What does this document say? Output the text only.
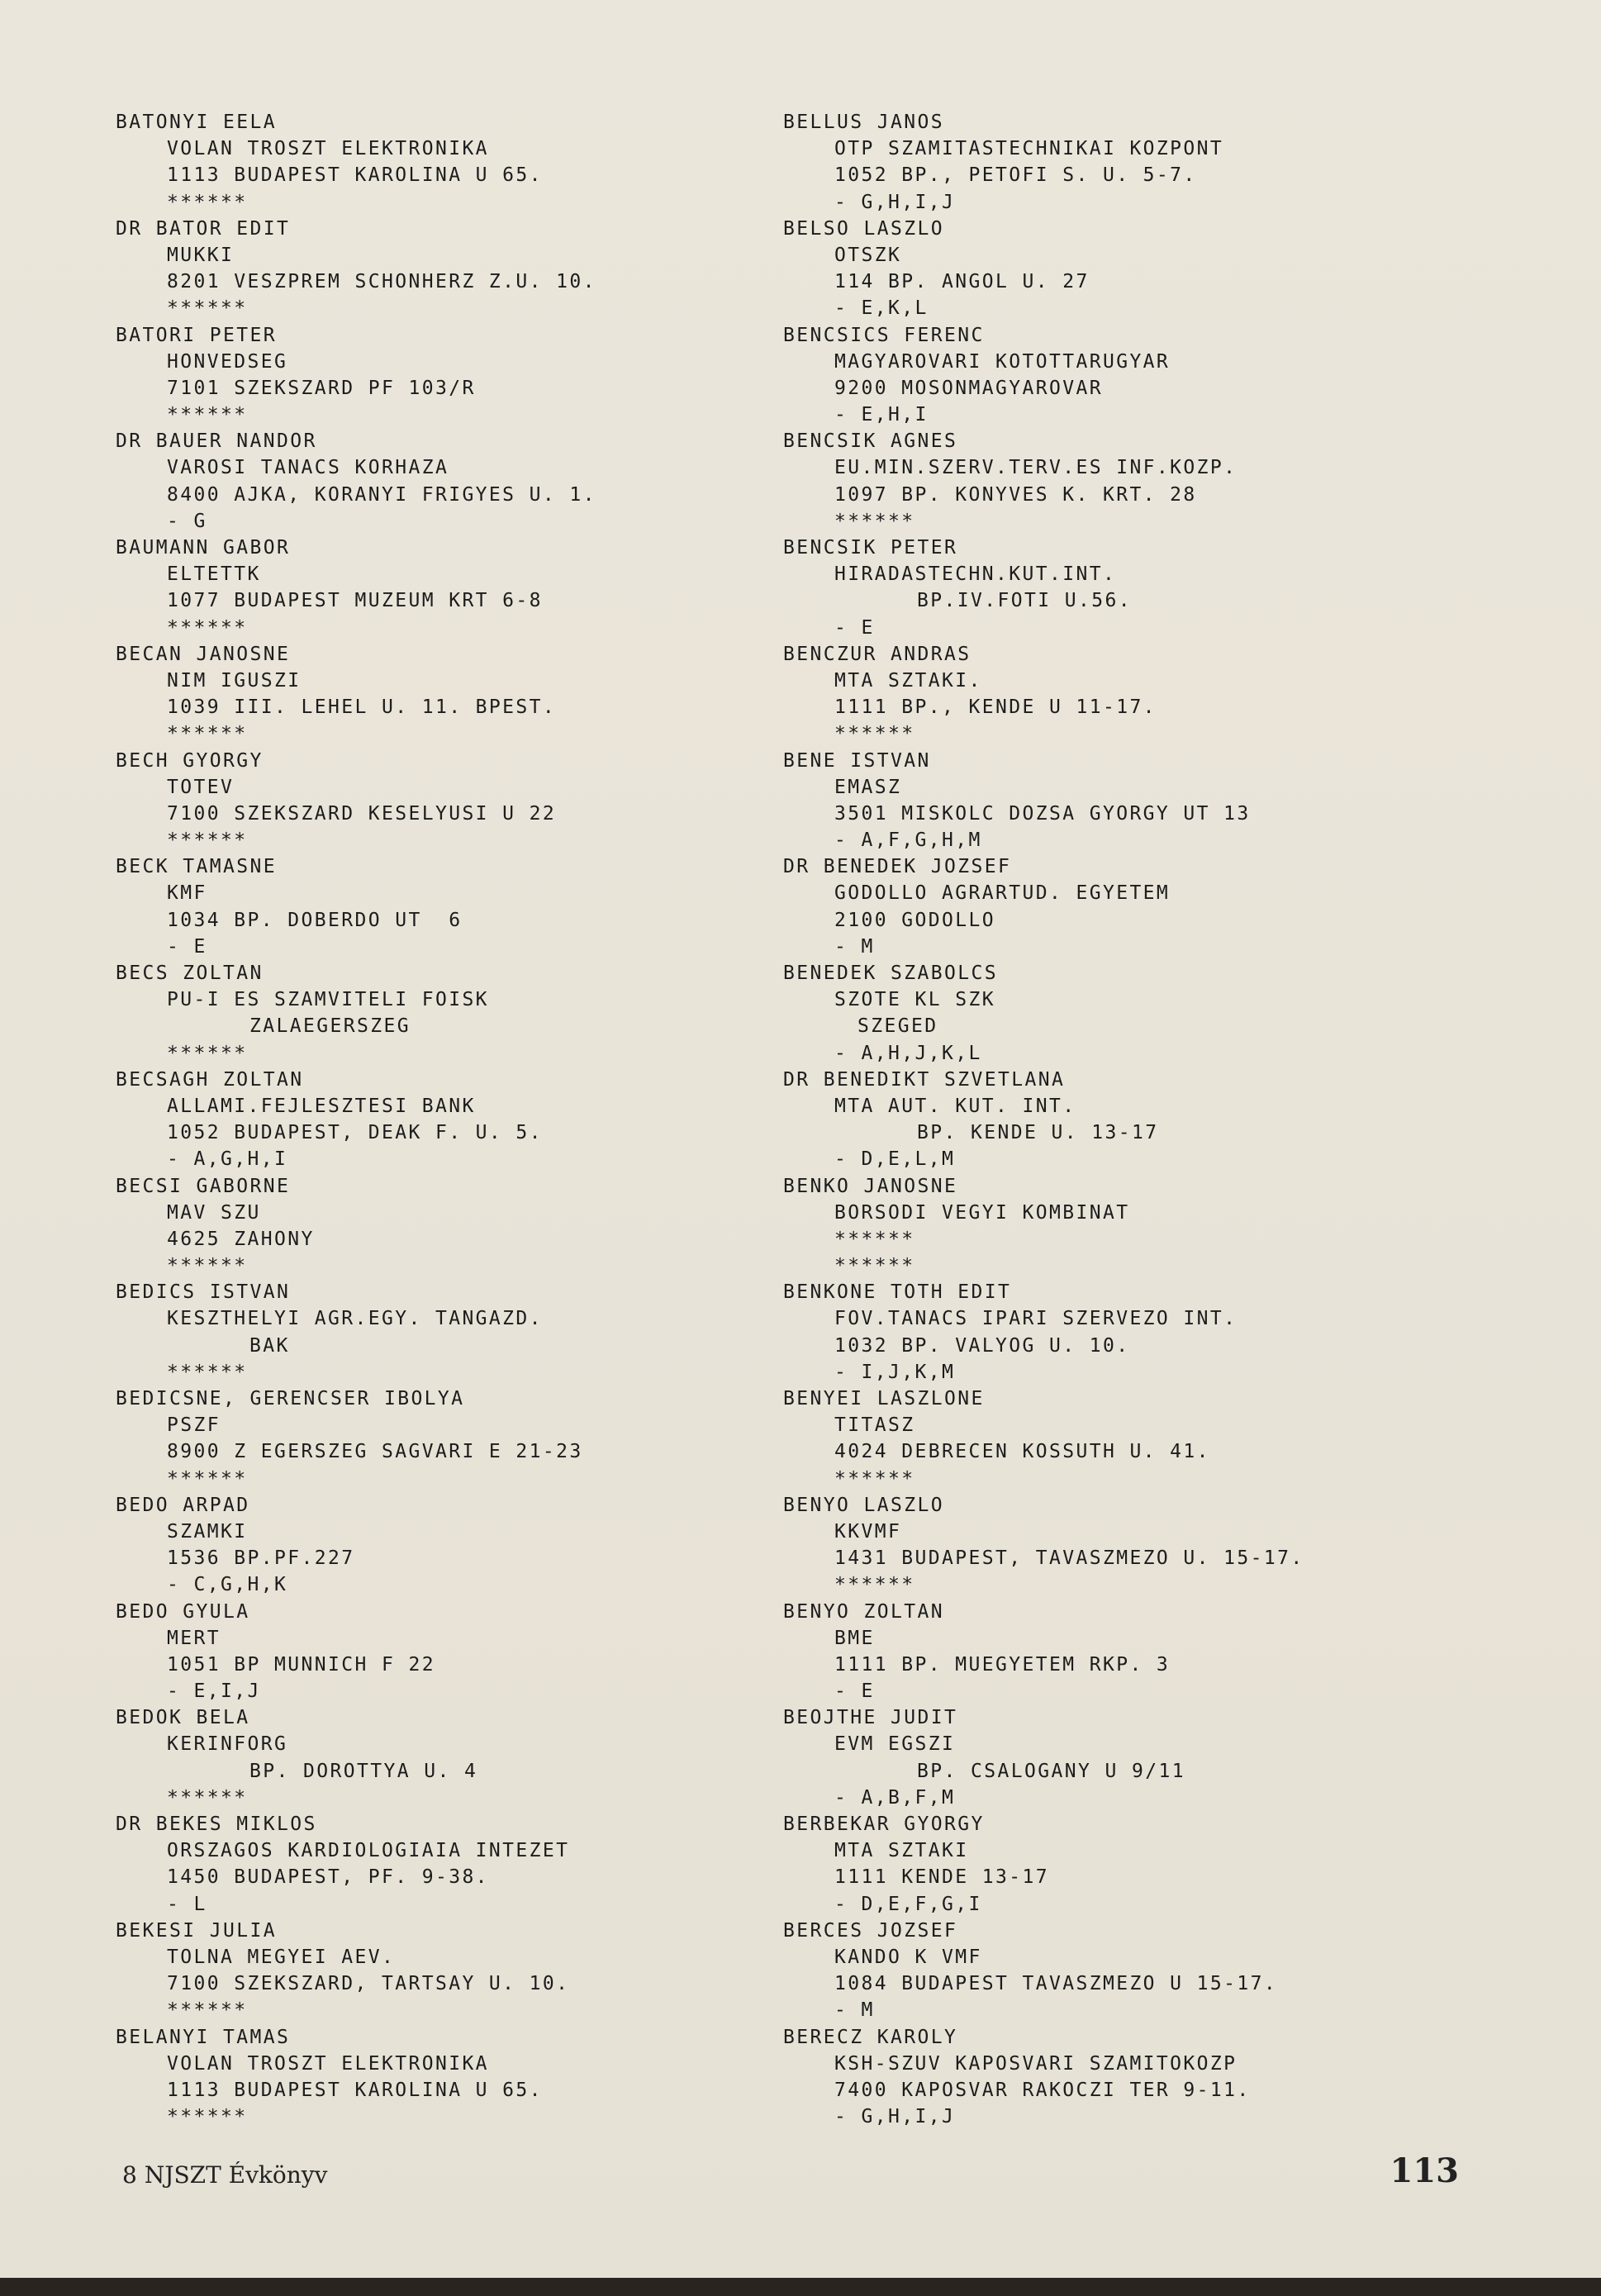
BATONYI EELA
VOLAN TROSZT ELEKTRONIKA
1113 BUDAPEST KAROLINA U 65.
******
DR BATOR EDIT
MUKKI
8201 VESZPREM SCHONHERZ Z.U. 10.
******
BATORI PETER
HONVEDSEG
7101 SZEKSZARD PF 103/R
******
DR BAUER NANDOR
VAROSI TANACS KORHAZA
8400 AJKA, KORANYI FRIGYES U. 1.
- G
BAUMANN GABOR
ELTETTK
1077 BUDAPEST MUZEUM KRT 6-8
******
BECAN JANOSNE
NIM IGUSZI
1039 III. LEHEL U. 11. BPEST.
******
BECH GYORGY
TOTEV
7100 SZEKSZARD KESELYUSI U 22
******
BECK TAMASNE
KMF
1034 BP. DOBERDO UT  6
- E
BECS ZOLTAN
PU-I ES SZAMVITELI FOISK
ZALAEGERSZEG
******
BECSAGH ZOLTAN
ALLAMI.FEJLESZTESI BANK
1052 BUDAPEST, DEAK F. U. 5.
- A,G,H,I
BECSI GABORNE
MAV SZU
4625 ZAHONY
******
BEDICS ISTVAN
KESZTHELYI AGR.EGY. TANGAZD.
BAK
******
BEDICSNE, GERENCSER IBOLYA
PSZF
8900 Z EGERSZEG SAGVARI E 21-23
******
BEDO ARPAD
SZAMKI
1536 BP.PF.227
- C,G,H,K
BEDO GYULA
MERT
1051 BP MUNNICH F 22
- E,I,J
BEDOK BELA
KERINFORG
BP. DOROTTYA U. 4
******
DR BEKES MIKLOS
ORSZAGOS KARDIOLOGIAIA INTEZET
1450 BUDAPEST, PF. 9-38.
- L
BEKESI JULIA
TOLNA MEGYEI AEV.
7100 SZEKSZARD, TARTSAY U. 10.
******
BELANYI TAMAS
VOLAN TROSZT ELEKTRONIKA
1113 BUDAPEST KAROLINA U 65.
******
BELLUS JANOS
OTP SZAMITASTECHNIKAI KOZPONT
1052 BP., PETOFI S. U. 5-7.
- G,H,I,J
BELSO LASZLO
OTSZK
114 BP. ANGOL U. 27
- E,K,L
BENCSICS FERENC
MAGYAROVARI KOTOTTARUGYAR
9200 MOSONMAGYAROVAR
- E,H,I
BENCSIK AGNES
EU.MIN.SZERV.TERV.ES INF.KOZP.
1097 BP. KONYVES K. KRT. 28
******
BENCSIK PETER
HIRADASTECHN.KUT.INT.
BP.IV.FOTI U.56.
- E
BENCZUR ANDRAS
MTA SZTAKI.
1111 BP., KENDE U 11-17.
******
BENE ISTVAN
EMASZ
3501 MISKOLC DOZSA GYORGY UT 13
- A,F,G,H,M
DR BENEDEK JOZSEF
GODOLLO AGRARTUD. EGYETEM
2100 GODOLLO
- M
BENEDEK SZABOLCS
SZOTE KL SZK
SZEGED
- A,H,J,K,L
DR BENEDIKT SZVETLANA
MTA AUT. KUT. INT.
BP. KENDE U. 13-17
- D,E,L,M
BENKO JANOSNE
BORSODI VEGYI KOMBINAT
******
******
BENKONE TOTH EDIT
FOV.TANACS IPARI SZERVEZO INT.
1032 BP. VALYOG U. 10.
- I,J,K,M
BENYEI LASZLONE
TITASZ
4024 DEBRECEN KOSSUTH U. 41.
******
BENYO LASZLO
KKVMF
1431 BUDAPEST, TAVASZMEZO U. 15-17.
******
BENYO ZOLTAN
BME
1111 BP. MUEGYETEM RKP. 3
- E
BEOJTHE JUDIT
EVM EGSZI
BP. CSALOGANY U 9/11
- A,B,F,M
BERBEKAR GYORGY
MTA SZTAKI
1111 KENDE 13-17
- D,E,F,G,I
BERCES JOZSEF
KANDO K VMF
1084 BUDAPEST TAVASZMEZO U 15-17.
- M
BERECZ KAROLY
KSH-SZUV KAPOSVARI SZAMITOKOZP
7400 KAPOSVAR RAKOCZI TER 9-11.
- G,H,I,J
8 NJSZT Évkönyv	113
